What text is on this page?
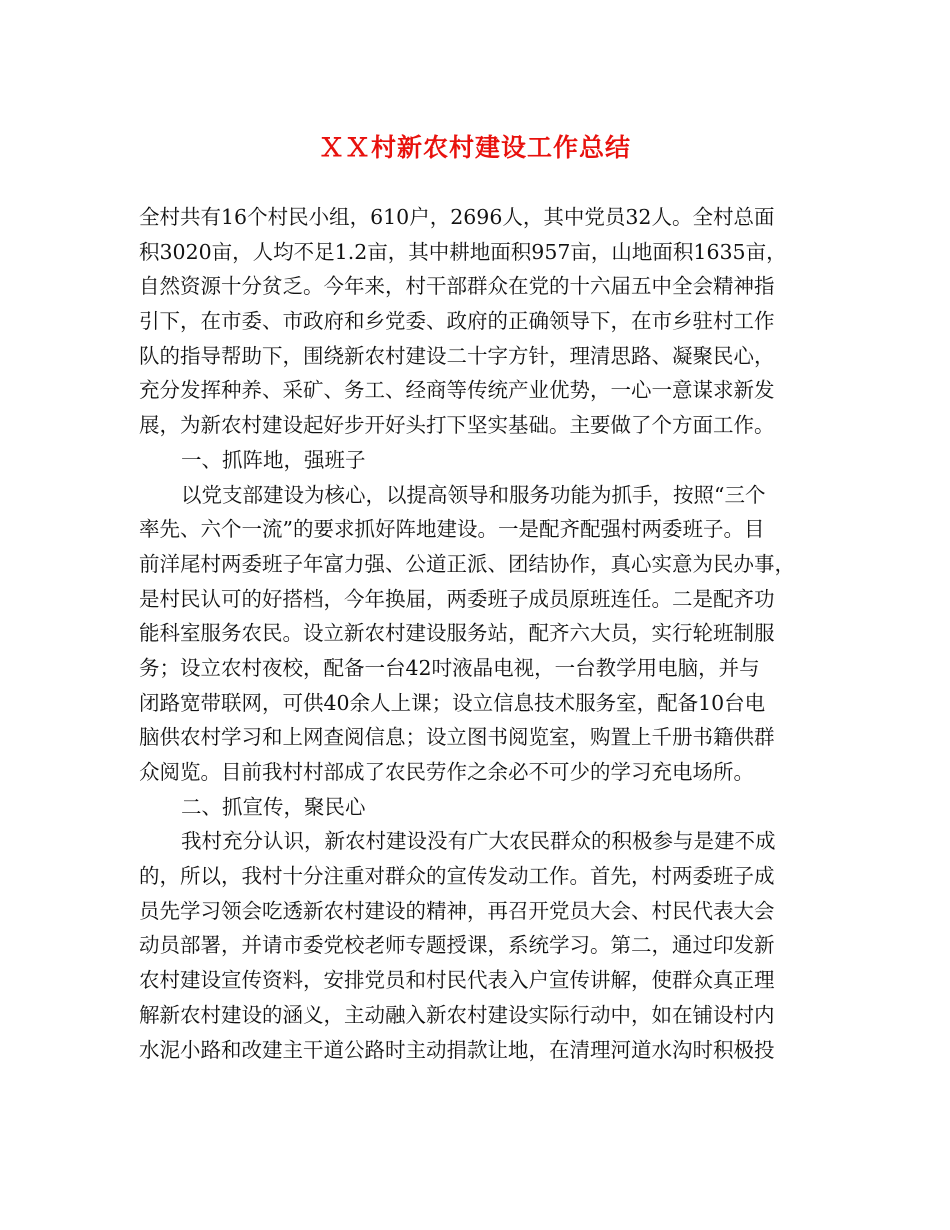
ＸＸ村新农村建设工作总结
全村共有16个村民小组，610户，2696人，其中党员32人。全村总面
积3020亩，人均不足1.2亩，其中耕地面积957亩，山地面积1635亩，
自然资源十分贫乏。今年来，村干部群众在党的十六届五中全会精神指
引下，在市委、市政府和乡党委、政府的正确领导下，在市乡驻村工作
队的指导帮助下，围绕新农村建设二十字方针，理清思路、凝聚民心，
充分发挥种养、采矿、务工、经商等传统产业优势，一心一意谋求新发
展，为新农村建设起好步开好头打下坚实基础。主要做了个方面工作。
一、抓阵地，强班子
以党支部建设为核心，以提高领导和服务功能为抓手，按照“三个
率先、六个一流”的要求抓好阵地建设。一是配齐配强村两委班子。目
前洋尾村两委班子年富力强、公道正派、团结协作，真心实意为民办事，
是村民认可的好搭档，今年换届，两委班子成员原班连任。二是配齐功
能科室服务农民。设立新农村建设服务站，配齐六大员，实行轮班制服
务；设立农村夜校，配备一台42吋液晶电视，一台教学用电脑，并与
闭路宽带联网，可供40余人上课；设立信息技术服务室，配备10台电
脑供农村学习和上网查阅信息；设立图书阅览室，购置上千册书籍供群
众阅览。目前我村村部成了农民劳作之余必不可少的学习充电场所。
二、抓宣传，聚民心
我村充分认识，新农村建设没有广大农民群众的积极参与是建不成
的，所以，我村十分注重对群众的宣传发动工作。首先，村两委班子成
员先学习领会吃透新农村建设的精神，再召开党员大会、村民代表大会
动员部署，并请市委党校老师专题授课，系统学习。第二，通过印发新
农村建设宣传资料，安排党员和村民代表入户宣传讲解，使群众真正理
解新农村建设的涵义，主动融入新农村建设实际行动中，如在铺设村内
水泥小路和改建主干道公路时主动捐款让地，在清理河道水沟时积极投
